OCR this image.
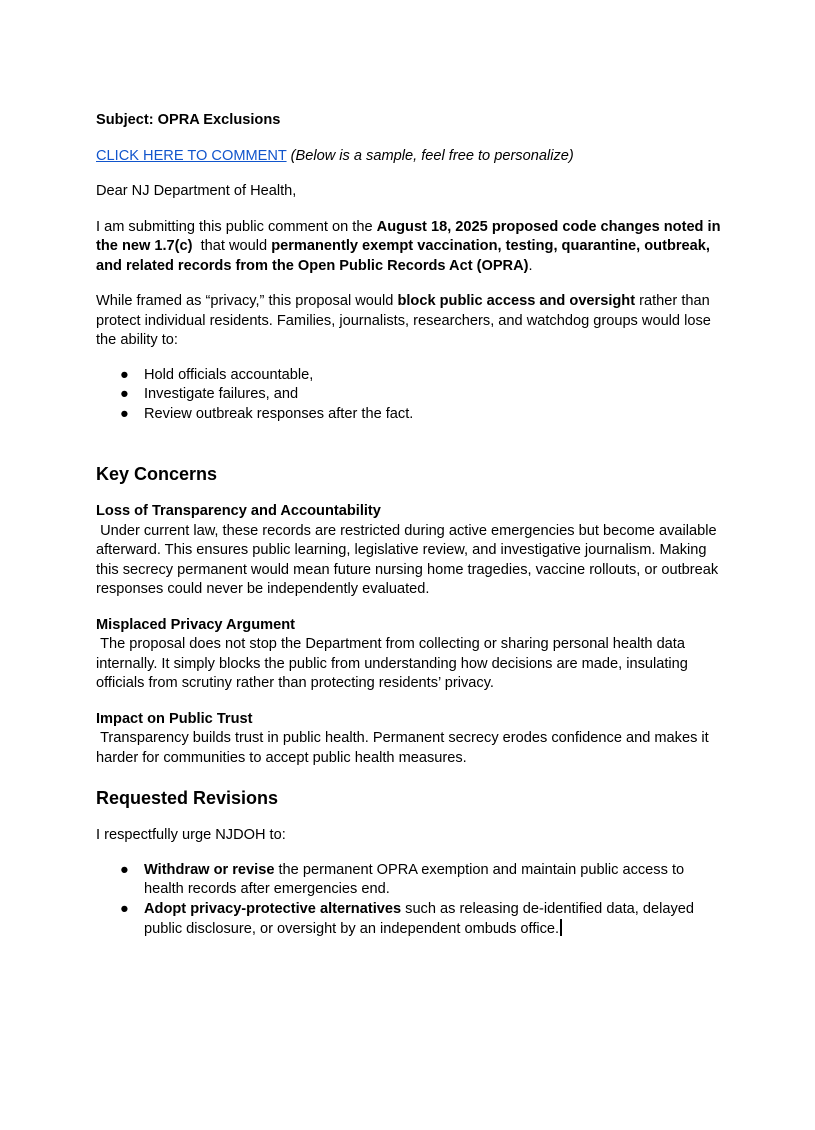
Subject: OPRA Exclusions

CLICK HERE TO COMMENT (Below is a sample, feel free to personalize)

Dear NJ Department of Health,

I am submitting this public comment on the August 18, 2025 proposed code changes noted in the new 1.7(c)  that would permanently exempt vaccination, testing, quarantine, outbreak, and related records from the Open Public Records Act (OPRA).

While framed as “privacy,” this proposal would block public access and oversight rather than protect individual residents. Families, journalists, researchers, and watchdog groups would lose the ability to:

● Hold officials accountable,
● Investigate failures, and
● Review outbreak responses after the fact.
Key Concerns

Loss of Transparency and Accountability

Under current law, these records are restricted during active emergencies but become available afterward. This ensures public learning, legislative review, and investigative journalism. Making this secrecy permanent would mean future nursing home tragedies, vaccine rollouts, or outbreak responses could never be independently evaluated.

Misplaced Privacy Argument

The proposal does not stop the Department from collecting or sharing personal health data internally. It simply blocks the public from understanding how decisions are made, insulating officials from scrutiny rather than protecting residents’ privacy.

Impact on Public Trust

Transparency builds trust in public health. Permanent secrecy erodes confidence and makes it harder for communities to accept public health measures.

Requested Revisions

I respectfully urge NJDOH to:

● Withdraw or revise the permanent OPRA exemption and maintain public access to health records after emergencies end.
● Adopt privacy-protective alternatives such as releasing de-identified data, delayed public disclosure, or oversight by an independent ombuds office.
